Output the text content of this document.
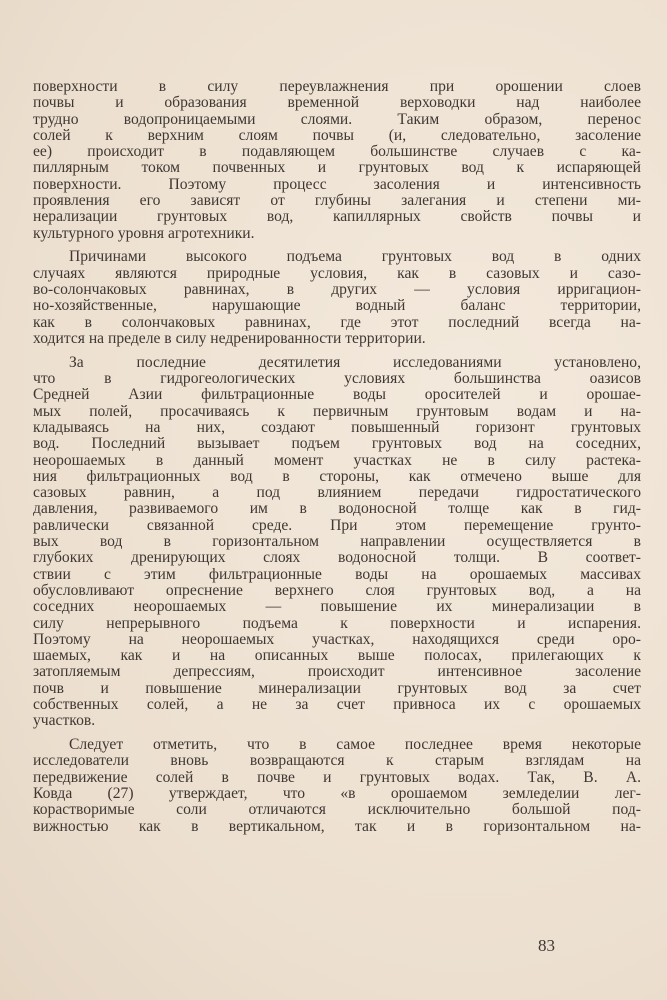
поверхности в силу переувлажнения при орошении слоев
почвы и образования временной верховодки над наиболее
трудно водопроницаемыми слоями. Таким образом, перенос
солей к верхним слоям почвы (и, следовательно, засоление
ее) происходит в подавляющем большинстве случаев с ка-
пиллярным током почвенных и грунтовых вод к испаряющей
поверхности. Поэтому процесс засоления и интенсивность
проявления его зависят от глубины залегания и степени ми-
нерализации грунтовых вод, капиллярных свойств почвы и
культурного уровня агротехники.
Причинами высокого подъема грунтовых вод в одних
случаях являются природные условия, как в сазовых и сазо-
во-солончаковых равнинах, в других — условия ирригацион-
но-хозяйственные, нарушающие водный баланс территории,
как в солончаковых равнинах, где этот последний всегда на-
ходится на пределе в силу недренированности территории.
За последние десятилетия исследованиями установлено,
что в гидрогеологических условиях большинства оазисов
Средней Азии фильтрационные воды оросителей и орошае-
мых полей, просачиваясь к первичным грунтовым водам и на-
кладываясь на них, создают повышенный горизонт грунтовых
вод. Последний вызывает подъем грунтовых вод на соседних,
неорошаемых в данный момент участках не в силу растека-
ния фильтрационных вод в стороны, как отмечено выше для
сазовых равнин, а под влиянием передачи гидростатического
давления, развиваемого им в водоносной толще как в гид-
равлически связанной среде. При этом перемещение грунто-
вых вод в горизонтальном направлении осуществляется в
глубоких дренирующих слоях водоносной толщи. В соответ-
ствии с этим фильтрационные воды на орошаемых массивах
обусловливают опреснение верхнего слоя грунтовых вод, а на
соседних неорошаемых — повышение их минерализации в
силу непрерывного подъема к поверхности и испарения.
Поэтому на неорошаемых участках, находящихся среди оро-
шаемых, как и на описанных выше полосах, прилегающих к
затопляемым депрессиям, происходит интенсивное засоление
почв и повышение минерализации грунтовых вод за счет
собственных солей, а не за счет привноса их с орошаемых
участков.
Следует отметить, что в самое последнее время некоторые
исследователи вновь возвращаются к старым взглядам на
передвижение солей в почве и грунтовых водах. Так, В. А.
Ковда (27) утверждает, что «в орошаемом земледелии лег-
корастворимые соли отличаются исключительно большой под-
вижностью как в вертикальном, так и в горизонтальном на-
83
